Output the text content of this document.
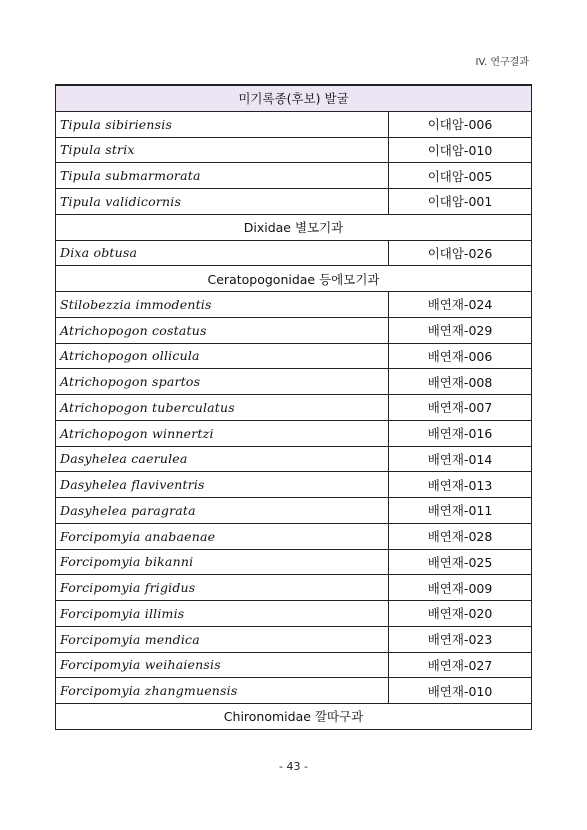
IV. 연구결과
미기록종(후보) 발굴	
Tipula sibiriensis	이대암-006
Tipula strix	이대암-010
Tipula submarmorata	이대암-005
Tipula validicornis	이대암-001
Dixidae 별모기과	
Dixa obtusa	이대암-026
Ceratopogonidae 등에모기과	
Stilobezzia immodentis	배연재-024
Atrichopogon costatus	배연재-029
Atrichopogon ollicula	배연재-006
Atrichopogon spartos	배연재-008
Atrichopogon tuberculatus	배연재-007
Atrichopogon winnertzi	배연재-016
Dasyhelea caerulea	배연재-014
Dasyhelea flaviventris	배연재-013
Dasyhelea paragrata	배연재-011
Forcipomyia anabaenae	배연재-028
Forcipomyia bikanni	배연재-025
Forcipomyia frigidus	배연재-009
Forcipomyia illimis	배연재-020
Forcipomyia mendica	배연재-023
Forcipomyia weihaiensis	배연재-027
Forcipomyia zhangmuensis	배연재-010
Chironomidae 깔따구과	
- 43 -
